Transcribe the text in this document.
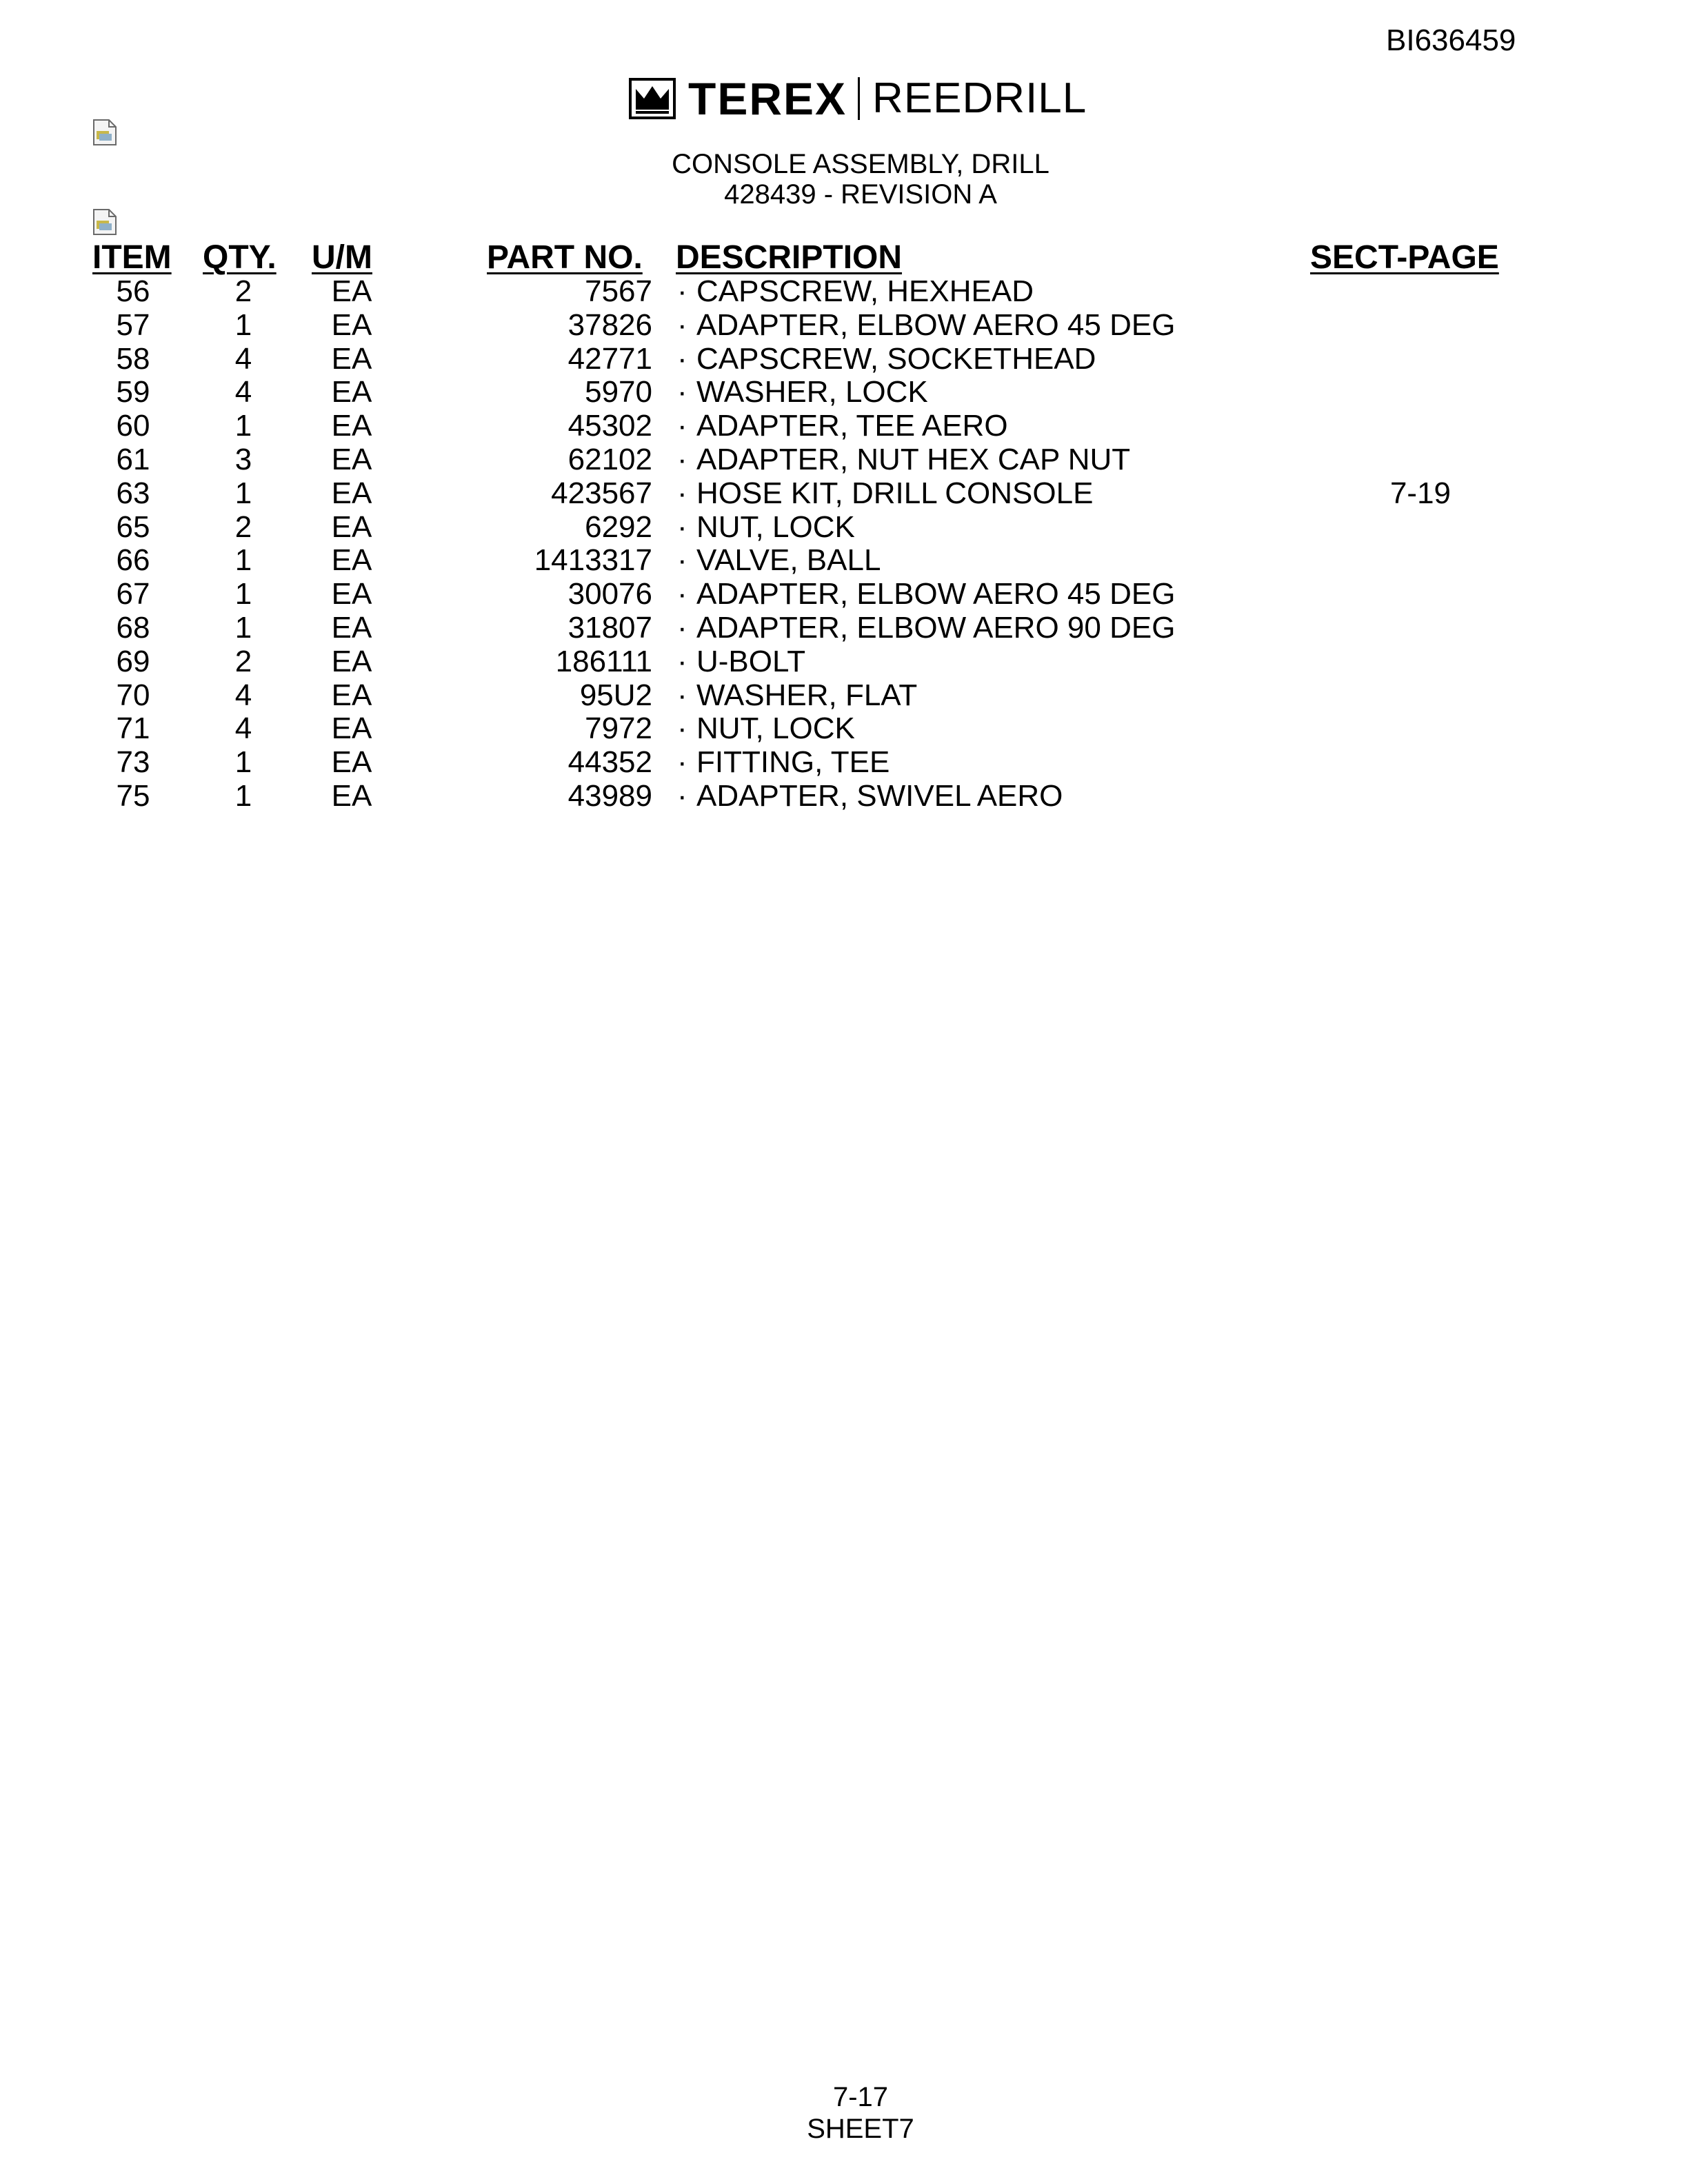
BI636459
TEREX REEDRILL
CONSOLE ASSEMBLY, DRILL
428439 - REVISION A
ITEM QTY. U/M	PART NO. DESCRIPTION	SECT-PAGE
56	2	EA	7567 · CAPSCREW, HEXHEAD
57	1	EA	37826 · ADAPTER, ELBOW AERO 45 DEG
58	4	EA	42771 · CAPSCREW, SOCKETHEAD
59	4	EA	5970 · WASHER, LOCK
60	1	EA	45302 · ADAPTER, TEE AERO
61	3	EA	62102 · ADAPTER, NUT HEX CAP NUT
63	1	EA	423567 · HOSE KIT, DRILL CONSOLE	7-19
65	2	EA	6292 · NUT, LOCK
66	1	EA	1413317 · VALVE, BALL
67	1	EA	30076 · ADAPTER, ELBOW AERO 45 DEG
68	1	EA	31807 · ADAPTER, ELBOW AERO 90 DEG
69	2	EA	186111 · U-BOLT
70	4	EA	95U2 · WASHER, FLAT
71	4	EA	7972 · NUT, LOCK
73	1	EA	44352 · FITTING, TEE
75	1	EA	43989 · ADAPTER, SWIVEL AERO
7-17
SHEET7
